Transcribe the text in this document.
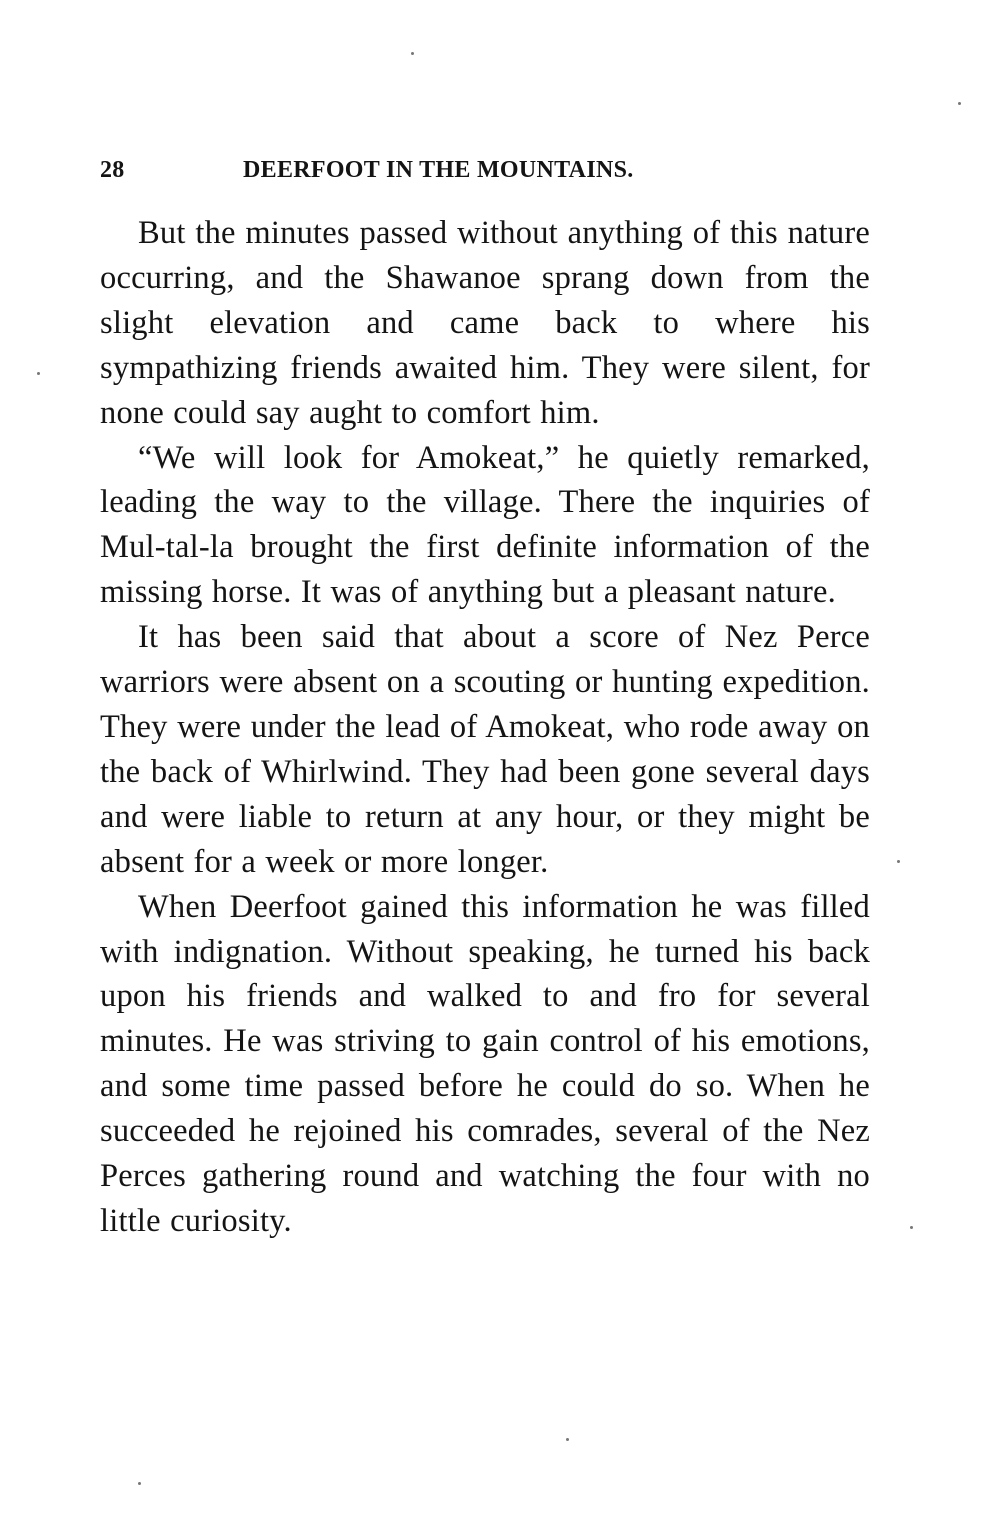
28	DEERFOOT IN THE MOUNTAINS.

But the minutes passed without anything of this nature occurring, and the Shawanoe sprang down from the slight elevation and came back to where his sympathizing friends awaited him. They were silent, for none could say aught to comfort him.

“We will look for Amokeat,” he quietly remarked, leading the way to the village. There the inquiries of Mul-tal-la brought the first definite information of the missing horse. It was of anything but a pleasant nature.

It has been said that about a score of Nez Perce warriors were absent on a scouting or hunting expedition. They were under the lead of Amokeat, who rode away on the back of Whirlwind. They had been gone several days and were liable to return at any hour, or they might be absent for a week or more longer.

When Deerfoot gained this information he was filled with indignation. Without speaking, he turned his back upon his friends and walked to and fro for several minutes. He was striving to gain control of his emotions, and some time passed before he could do so. When he succeeded he rejoined his comrades, several of the Nez Perces gathering round and watching the four with no little curiosity.
